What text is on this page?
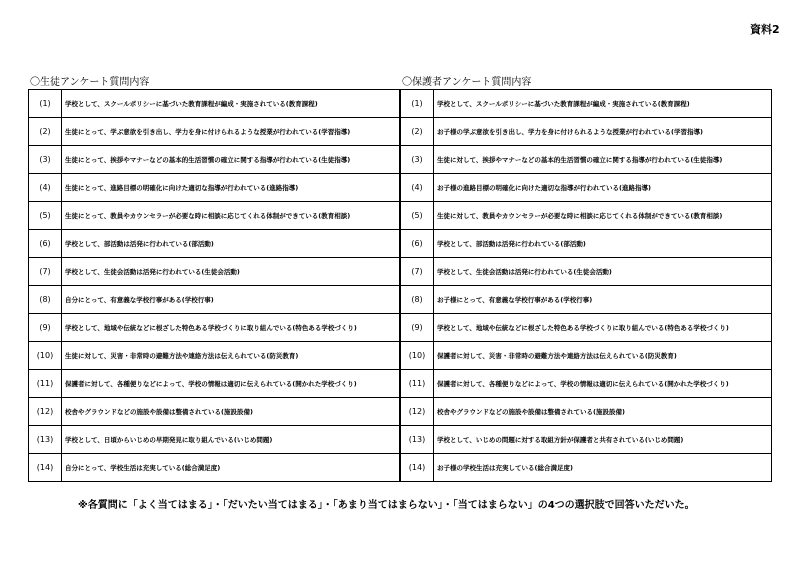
資料2
〇生徒アンケート質問内容
(1)	学校として、スクールポリシーに基づいた教育課程が編成・実施されている(教育課程)
(2)	生徒にとって、学ぶ意欲を引き出し、学力を身に付けられるような授業が行われている(学習指導)
(3)	生徒にとって、挨拶やマナーなどの基本的生活習慣の確立に関する指導が行われている(生徒指導)
(4)	生徒にとって、進路目標の明確化に向けた適切な指導が行われている(進路指導)
(5)	生徒にとって、教員やカウンセラーが必要な時に相談に応じてくれる体制ができている(教育相談)
(6)	学校として、部活動は活発に行われている(部活動)
(7)	学校として、生徒会活動は活発に行われている(生徒会活動)
(8)	自分にとって、有意義な学校行事がある(学校行事)
(9)	学校として、地域や伝統などに根ざした特色ある学校づくりに取り組んでいる(特色ある学校づくり)
(10)	生徒に対して、災害・非常時の避難方法や連絡方法は伝えられている(防災教育)
(11)	保護者に対して、各種便りなどによって、学校の情報は適切に伝えられている(開かれた学校づくり)
(12)	校舎やグラウンドなどの施設や設備は整備されている(施設設備)
(13)	学校として、日頃からいじめの早期発見に取り組んでいる(いじめ問題)
(14)	自分にとって、学校生活は充実している(総合満足度)
〇保護者アンケート質問内容
(1)	学校として、スクールポリシーに基づいた教育課程が編成・実施されている(教育課程)
(2)	お子様の学ぶ意欲を引き出し、学力を身に付けられるような授業が行われている(学習指導)
(3)	生徒に対して、挨拶やマナーなどの基本的生活習慣の確立に関する指導が行われている(生徒指導)
(4)	お子様の進路目標の明確化に向けた適切な指導が行われている(進路指導)
(5)	生徒に対して、教員やカウンセラーが必要な時に相談に応じてくれる体制ができている(教育相談)
(6)	学校として、部活動は活発に行われている(部活動)
(7)	学校として、生徒会活動は活発に行われている(生徒会活動)
(8)	お子様にとって、有意義な学校行事がある(学校行事)
(9)	学校として、地域や伝統などに根ざした特色ある学校づくりに取り組んでいる(特色ある学校づくり)
(10)	保護者に対して、災害・非常時の避難方法や連絡方法は伝えられている(防災教育)
(11)	保護者に対して、各種便りなどによって、学校の情報は適切に伝えられている(開かれた学校づくり)
(12)	校舎やグラウンドなどの施設や設備は整備されている(施設設備)
(13)	学校として、いじめの問題に対する取組方針が保護者と共有されている(いじめ問題)
(14)	お子様の学校生活は充実している(総合満足度)
※各質問に「よく当てはまる」・「だいたい当てはまる」・「あまり当てはまらない」・「当てはまらない」の4つの選択肢で回答いただいた。
